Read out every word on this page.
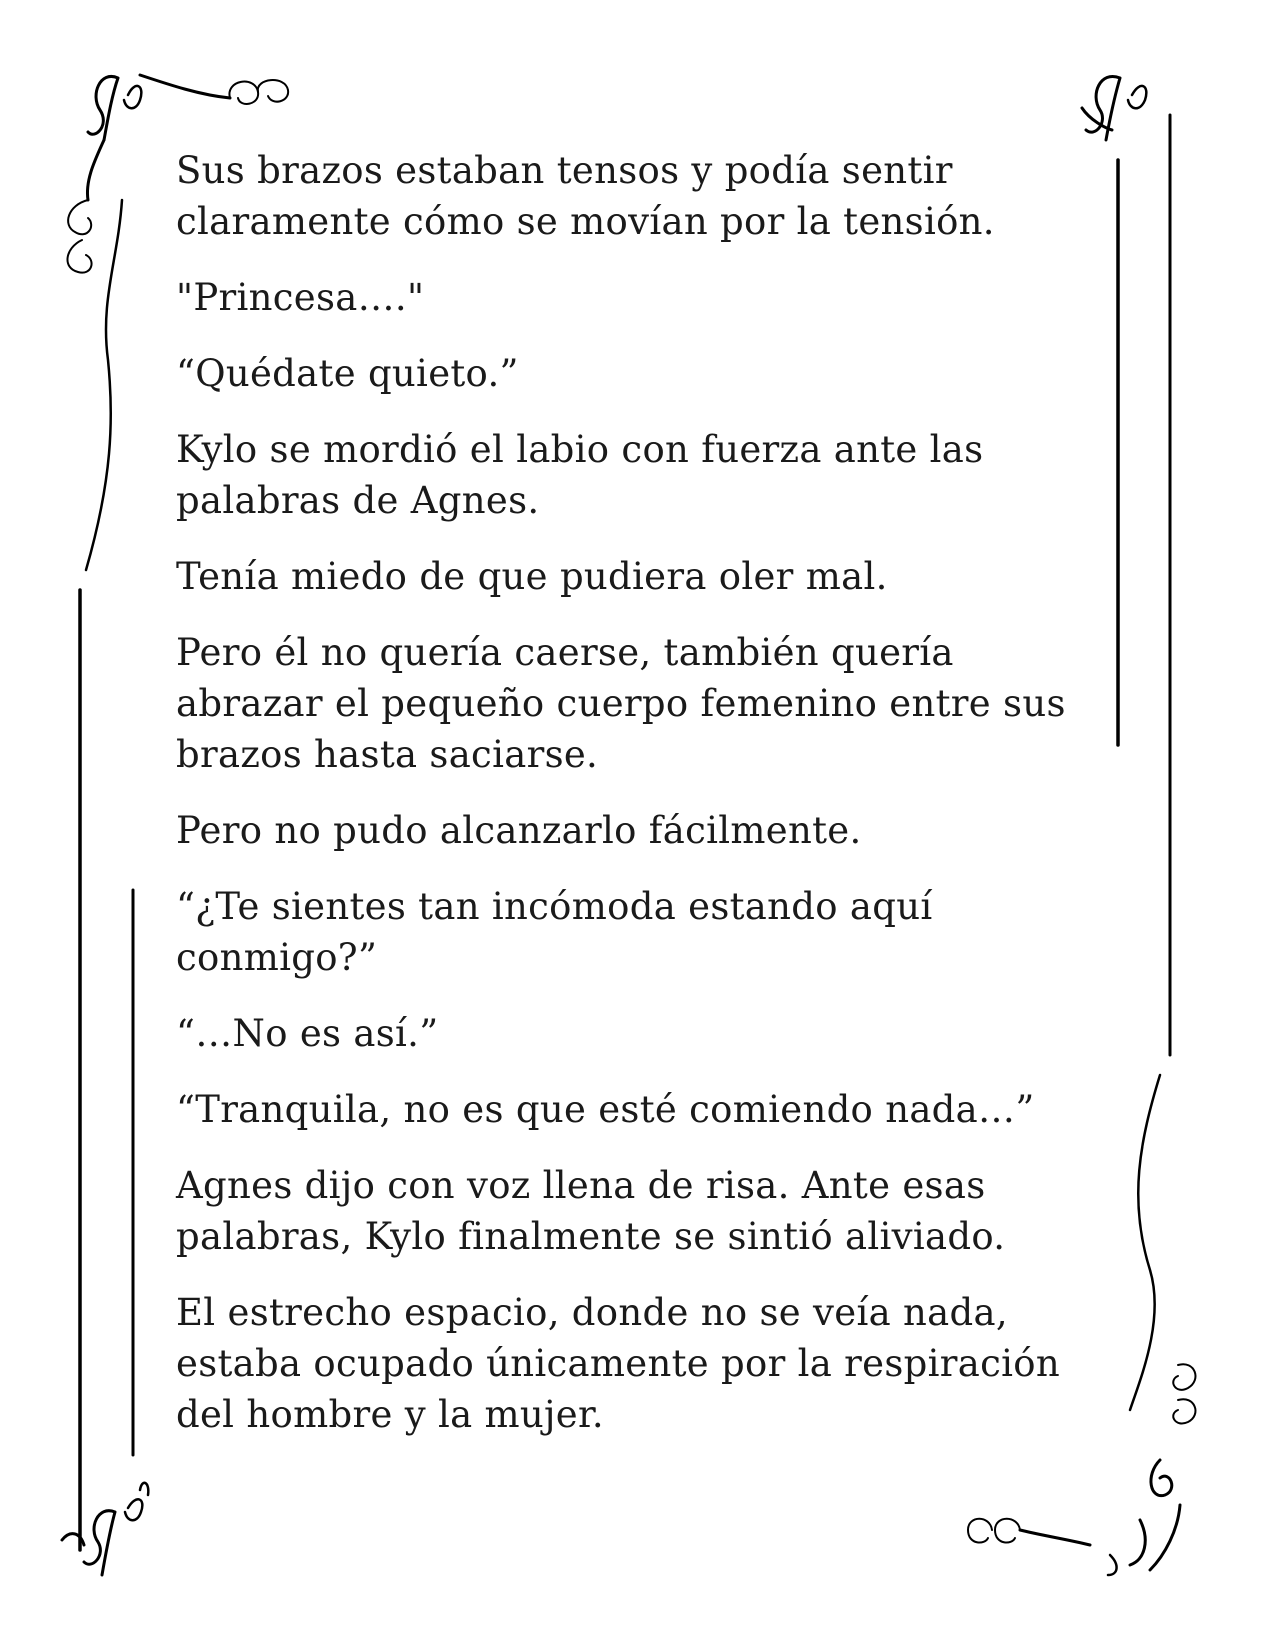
Sus brazos estaban tensos y podía sentir
claramente cómo se movían por la tensión.

"Princesa…."

“Quédate quieto.”

Kylo se mordió el labio con fuerza ante las
palabras de Agnes.

Tenía miedo de que pudiera oler mal.

Pero él no quería caerse, también quería
abrazar el pequeño cuerpo femenino entre sus
brazos hasta saciarse.

Pero no pudo alcanzarlo fácilmente.

“¿Te sientes tan incómoda estando aquí
conmigo?”

“…No es así.”

“Tranquila, no es que esté comiendo nada…”

Agnes dijo con voz llena de risa. Ante esas
palabras, Kylo finalmente se sintió aliviado.

El estrecho espacio, donde no se veía nada,
estaba ocupado únicamente por la respiración
del hombre y la mujer.
